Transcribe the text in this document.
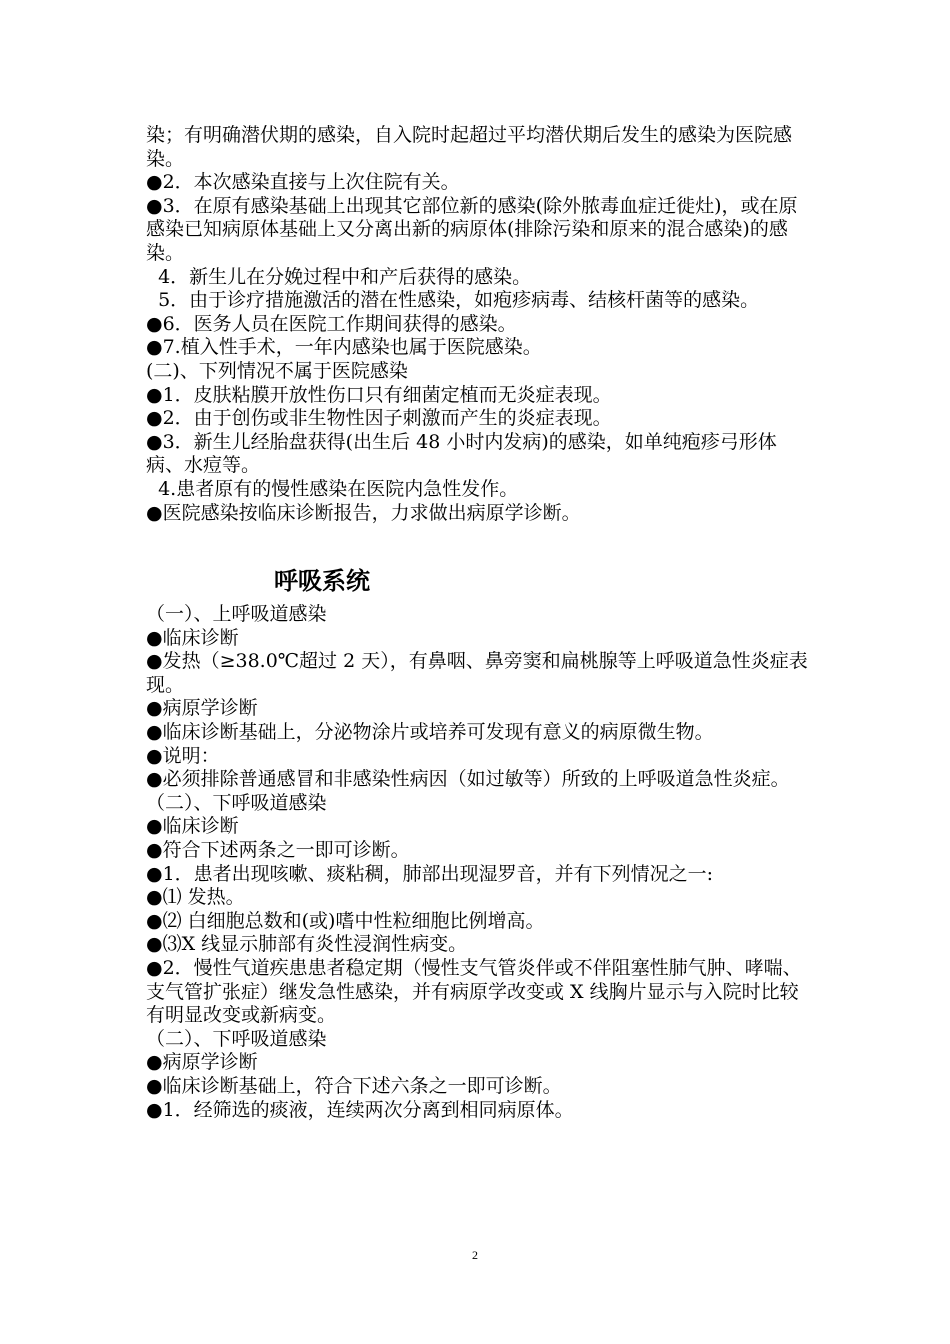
染；有明确潜伏期的感染，自入院时起超过平均潜伏期后发生的感染为医院感染。

●2．本次感染直接与上次住院有关。

●3．在原有感染基础上出现其它部位新的感染(除外脓毒血症迁徙灶)，或在原感染已知病原体基础上又分离出新的病原体(排除污染和原来的混合感染)的感染。

4．新生儿在分娩过程中和产后获得的感染。

5．由于诊疗措施激活的潜在性感染，如疱疹病毒、结核杆菌等的感染。

●6．医务人员在医院工作期间获得的感染。

●7.植入性手术，一年内感染也属于医院感染。

(二)、下列情况不属于医院感染

●1．皮肤粘膜开放性伤口只有细菌定植而无炎症表现。

●2．由于创伤或非生物性因子刺激而产生的炎症表现。

●3．新生儿经胎盘获得(出生后 48 小时内发病)的感染，如单纯疱疹弓形体病、水痘等。

4.患者原有的慢性感染在医院内急性发作。

●医院感染按临床诊断报告，力求做出病原学诊断。

呼吸系统

（一）、上呼吸道感染

●临床诊断

●发热（≥38.0℃超过 2 天），有鼻咽、鼻旁窦和扁桃腺等上呼吸道急性炎症表现。

●病原学诊断

●临床诊断基础上，分泌物涂片或培养可发现有意义的病原微生物。

●说明：

●必须排除普通感冒和非感染性病因（如过敏等）所致的上呼吸道急性炎症。

（二）、下呼吸道感染

●临床诊断

●符合下述两条之一即可诊断。

●1．患者出现咳嗽、痰粘稠，肺部出现湿罗音，并有下列情况之一:

●⑴ 发热。

●⑵ 白细胞总数和(或)嗜中性粒细胞比例增高。

●⑶X 线显示肺部有炎性浸润性病变。

●2．慢性气道疾患患者稳定期（慢性支气管炎伴或不伴阻塞性肺气肿、哮喘、支气管扩张症）继发急性感染，并有病原学改变或 X 线胸片显示与入院时比较有明显改变或新病变。

（二）、下呼吸道感染

●病原学诊断

●临床诊断基础上，符合下述六条之一即可诊断。

●1．经筛选的痰液，连续两次分离到相同病原体。

2
